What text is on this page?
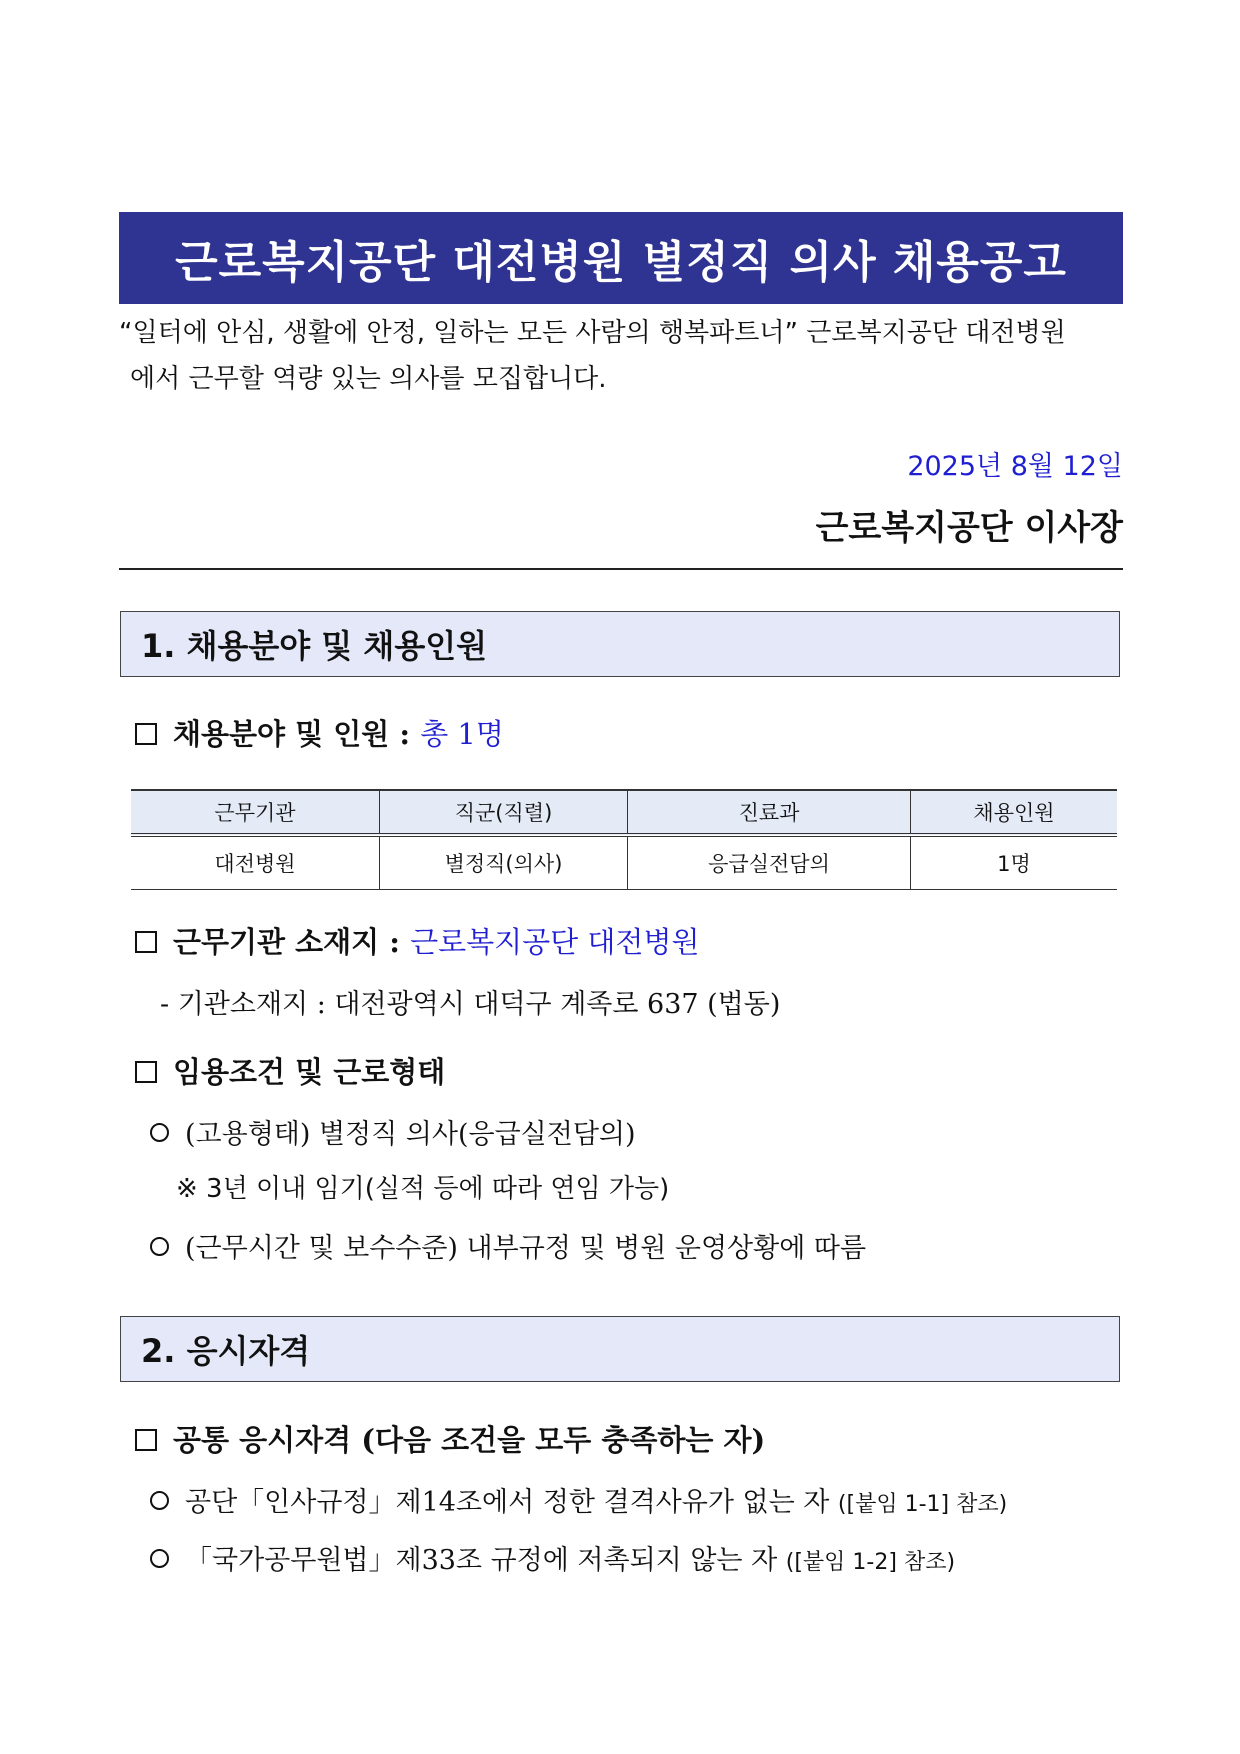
근로복지공단 대전병원 별정직 의사 채용공고
“일터에 안심, 생활에 안정, 일하는 모든 사람의 행복파트너” 근로복지공단 대전병원
에서 근무할 역량 있는 의사를 모집합니다.
2025년 8월 12일
근로복지공단 이사장
1. 채용분야 및 채용인원
채용분야 및 인원 : 총 1명
근무기관	직군(직렬)	진료과	채용인원
대전병원	별정직(의사)	응급실전담의	1명
근무기관 소재지 : 근로복지공단 대전병원
- 기관소재지 : 대전광역시 대덕구 계족로 637 (법동)
임용조건 및 근로형태
(고용형태) 별정직 의사(응급실전담의)
※ 3년 이내 임기(실적 등에 따라 연임 가능)
(근무시간 및 보수수준) 내부규정 및 병원 운영상황에 따름
2. 응시자격
공통 응시자격 (다음 조건을 모두 충족하는 자)
공단「인사규정」제14조에서 정한 결격사유가 없는 자 ([붙임 1-1] 참조)
「국가공무원법」제33조 규정에 저촉되지 않는 자 ([붙임 1-2] 참조)
